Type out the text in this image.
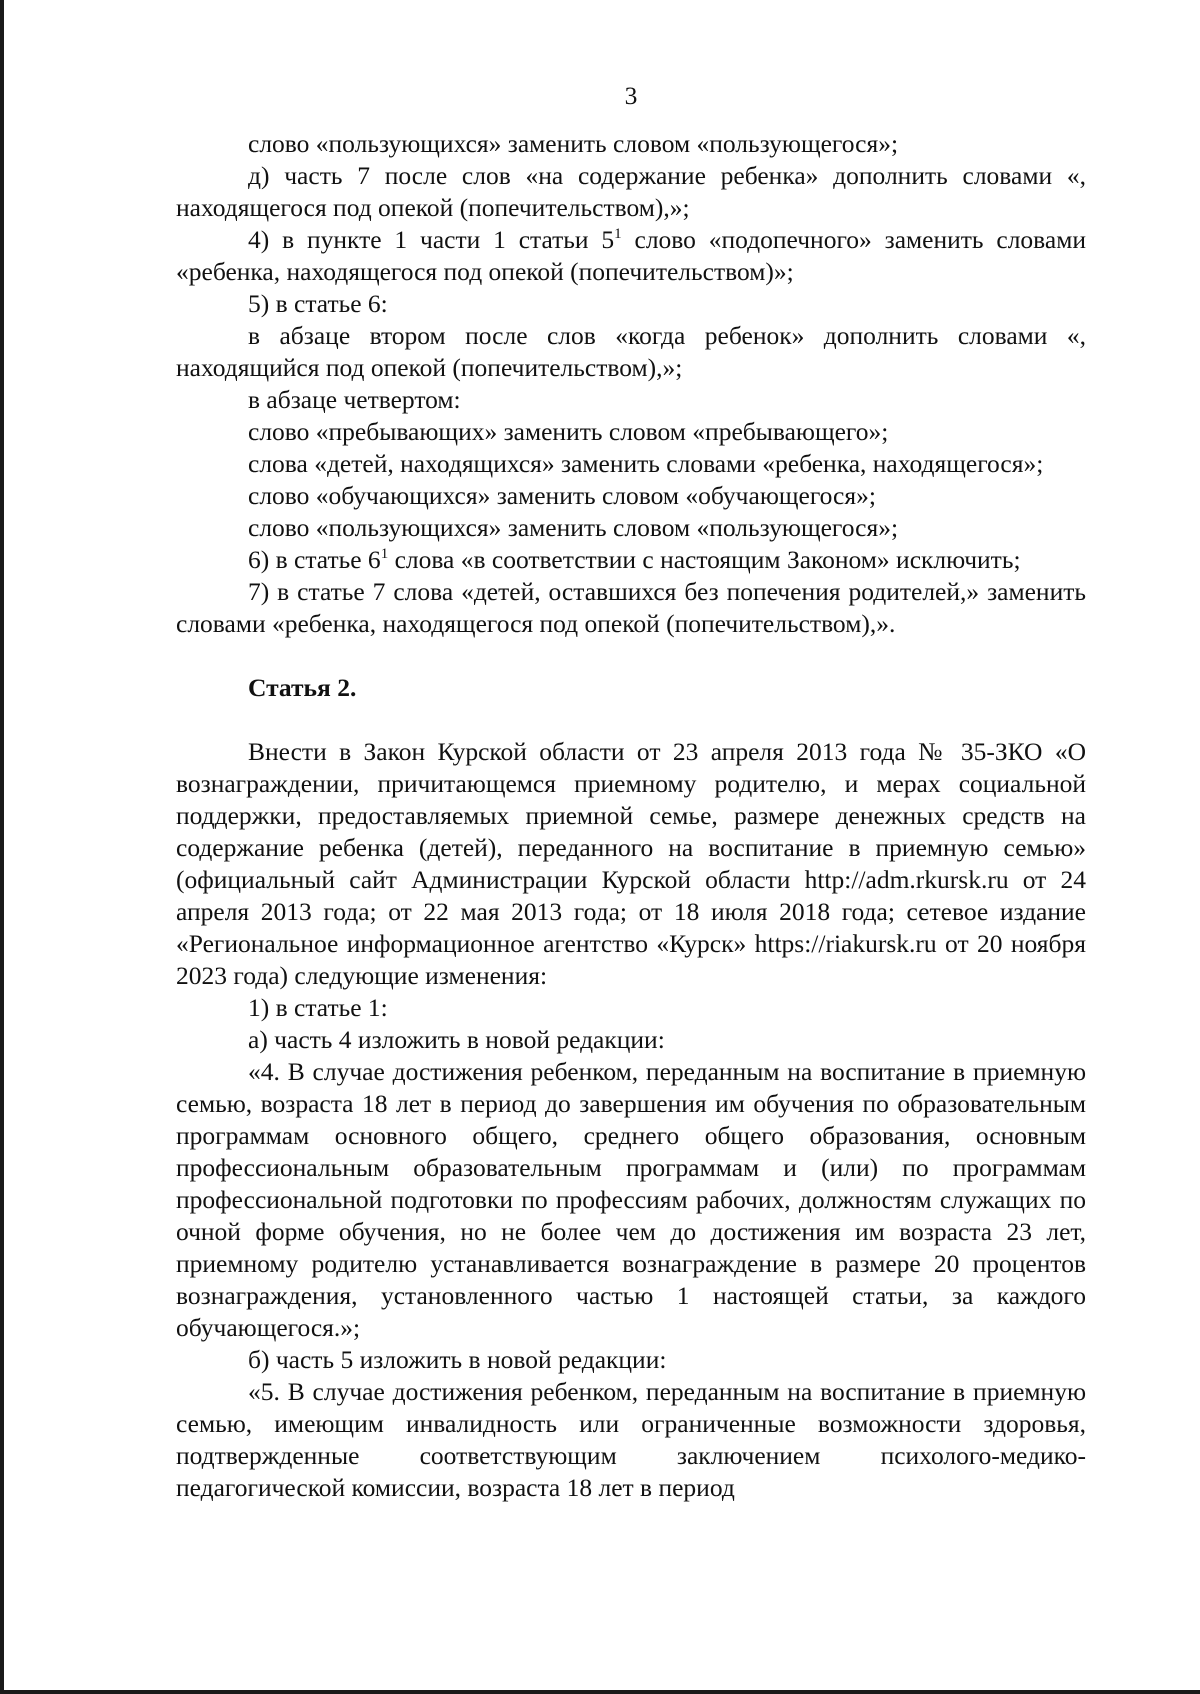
3

слово «пользующихся» заменить словом «пользующегося»;

д) часть 7 после слов «на содержание ребенка» дополнить словами «, находящегося под опекой (попечительством),»;

4) в пункте 1 части 1 статьи $5^1$ слово «подопечного» заменить словами «ребенка, находящегося под опекой (попечительством)»;

5) в статье 6:

в абзаце втором после слов «когда ребенок» дополнить словами «, находящийся под опекой (попечительством),»;

в абзаце четвертом:

слово «пребывающих» заменить словом «пребывающего»;

слова «детей, находящихся» заменить словами «ребенка, находящегося»;

слово «обучающихся» заменить словом «обучающегося»;

слово «пользующихся» заменить словом «пользующегося»;

6) в статье $6^1$ слова «в соответствии с настоящим Законом» исключить;

7) в статье 7 слова «детей, оставшихся без попечения родителей,» заменить словами «ребенка, находящегося под опекой (попечительством),».

Статья 2.

Внести в Закон Курской области от 23 апреля 2013 года № 35-ЗКО «О вознаграждении, причитающемся приемному родителю, и мерах социальной поддержки, предоставляемых приемной семье, размере денежных средств на содержание ребенка (детей), переданного на воспитание в приемную семью» (официальный сайт Администрации Курской области http://adm.rkursk.ru от 24 апреля 2013 года; от 22 мая 2013 года; от 18 июля 2018 года; сетевое издание «Региональное информационное агентство «Курск» https://riakursk.ru от 20 ноября 2023 года) следующие изменения:

1) в статье 1:

а) часть 4 изложить в новой редакции:

«4. В случае достижения ребенком, переданным на воспитание в приемную семью, возраста 18 лет в период до завершения им обучения по образовательным программам основного общего, среднего общего образования, основным профессиональным образовательным программам и (или) по программам профессиональной подготовки по профессиям рабочих, должностям служащих по очной форме обучения, но не более чем до достижения им возраста 23 лет, приемному родителю устанавливается вознаграждение в размере 20 процентов вознаграждения, установленного частью 1 настоящей статьи, за каждого обучающегося.»;

б) часть 5 изложить в новой редакции:

«5. В случае достижения ребенком, переданным на воспитание в приемную семью, имеющим инвалидность или ограниченные возможности здоровья, подтвержденные соответствующим заключением психолого-медико-педагогической комиссии, возраста 18 лет в период
